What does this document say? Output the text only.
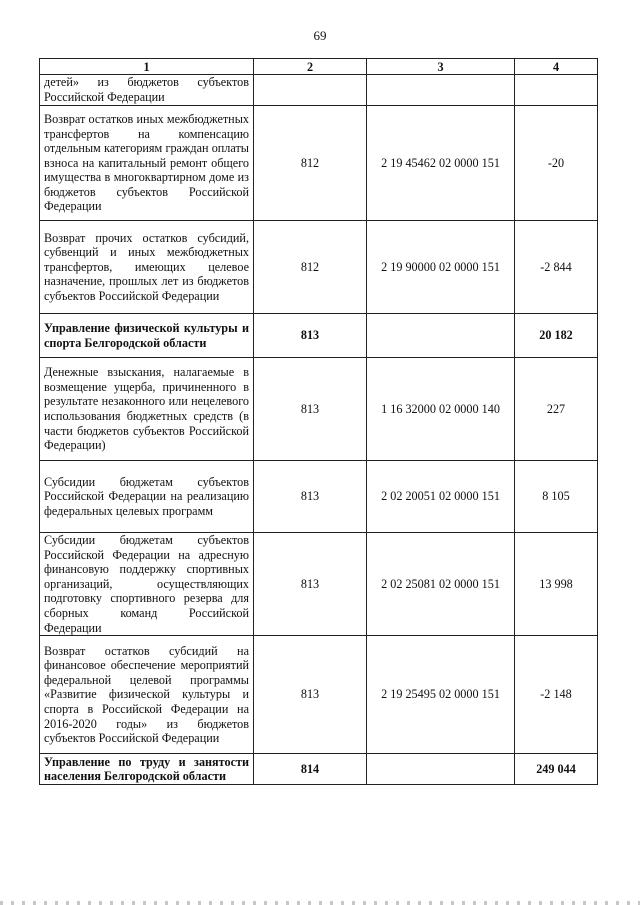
69
1	2	3	4
детей» из бюджетов субъектов Российской Федерации			
Возврат остатков иных межбюджетных трансфертов на компенсацию отдельным категориям граждан оплаты взноса на капитальный ремонт общего имущества в многоквартирном доме из бюджетов субъектов Российской Федерации	812	2 19 45462 02 0000 151	-20
Возврат прочих остатков субсидий, субвенций и иных межбюджетных трансфертов, имеющих целевое назначение, прошлых лет из бюджетов субъектов Российской Федерации	812	2 19 90000 02 0000 151	-2 844
Управление физической культуры и спорта Белгородской области	813		20 182
Денежные взыскания, налагаемые в возмещение ущерба, причиненного в результате незаконного или нецелевого использования бюджетных средств (в части бюджетов субъектов Российской Федерации)	813	1 16 32000 02 0000 140	227
Субсидии бюджетам субъектов Российской Федерации на реализацию федеральных целевых программ	813	2 02 20051 02 0000 151	8 105
Субсидии бюджетам субъектов Российской Федерации на адресную финансовую поддержку спортивных организаций, осуществляющих подготовку спортивного резерва для сборных команд Российской Федерации	813	2 02 25081 02 0000 151	13 998
Возврат остатков субсидий на финансовое обеспечение мероприятий федеральной целевой программы «Развитие физической культуры и спорта в Российской Федерации на 2016-2020 годы» из бюджетов субъектов Российской Федерации	813	2 19 25495 02 0000 151	-2 148
Управление по труду и занятости населения Белгородской области	814		249 044
